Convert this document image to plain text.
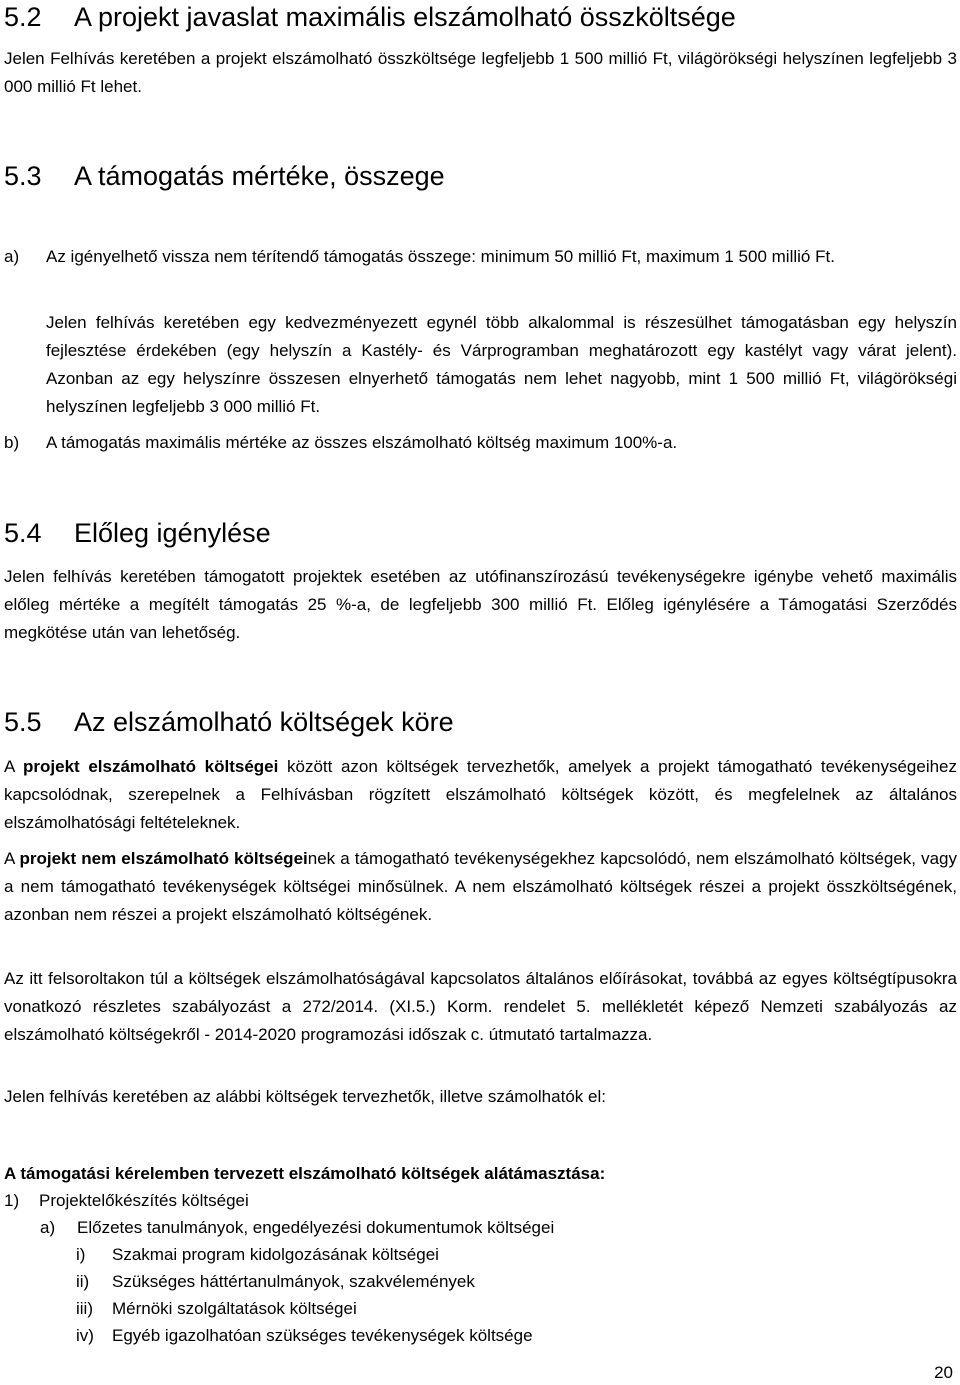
5.2 A projekt javaslat maximális elszámolható összköltsége
Jelen Felhívás keretében a projekt elszámolható összköltsége legfeljebb 1 500 millió Ft, világörökségi helyszínen legfeljebb 3 000 millió Ft lehet.
5.3 A támogatás mértéke, összege
a) Az igényelhető vissza nem térítendő támogatás összege: minimum 50 millió Ft, maximum 1 500 millió Ft.
Jelen felhívás keretében egy kedvezményezett egynél több alkalommal is részesülhet támogatásban egy helyszín fejlesztése érdekében (egy helyszín a Kastély- és Várprogramban meghatározott egy kastélyt vagy várat jelent). Azonban az egy helyszínre összesen elnyerhető támogatás nem lehet nagyobb, mint 1 500 millió Ft, világörökségi helyszínen legfeljebb 3 000 millió Ft.
b) A támogatás maximális mértéke az összes elszámolható költség maximum 100%-a.
5.4 Előleg igénylése
Jelen felhívás keretében támogatott projektek esetében az utófinanszírozású tevékenységekre igénybe vehető maximális előleg mértéke a megítélt támogatás 25 %-a, de legfeljebb 300 millió Ft. Előleg igénylésére a Támogatási Szerződés megkötése után van lehetőség.
5.5 Az elszámolható költségek köre
A projekt elszámolható költségei között azon költségek tervezhetők, amelyek a projekt támogatható tevékenységeihez kapcsolódnak, szerepelnek a Felhívásban rögzített elszámolható költségek között, és megfelelnek az általános elszámolhatósági feltételeknek.
A projekt nem elszámolható költségeinek a támogatható tevékenységekhez kapcsolódó, nem elszámolható költségek, vagy a nem támogatható tevékenységek költségei minősülnek. A nem elszámolható költségek részei a projekt összköltségének, azonban nem részei a projekt elszámolható költségének.
Az itt felsoroltakon túl a költségek elszámolhatóságával kapcsolatos általános előírásokat, továbbá az egyes költségtípusokra vonatkozó részletes szabályozást a 272/2014. (XI.5.) Korm. rendelet 5. mellékletét képező Nemzeti szabályozás az elszámolható költségekről - 2014-2020 programozási időszak c. útmutató tartalmazza.
Jelen felhívás keretében az alábbi költségek tervezhetők, illetve számolhatók el:
A támogatási kérelemben tervezett elszámolható költségek alátámasztása:
1) Projektelőkészítés költségei
a) Előzetes tanulmányok, engedélyezési dokumentumok költségei
i) Szakmai program kidolgozásának költségei
ii) Szükséges háttértanulmányok, szakvélemények
iii) Mérnöki szolgáltatások költségei
iv) Egyéb igazolhatóan szükséges tevékenységek költsége
20
